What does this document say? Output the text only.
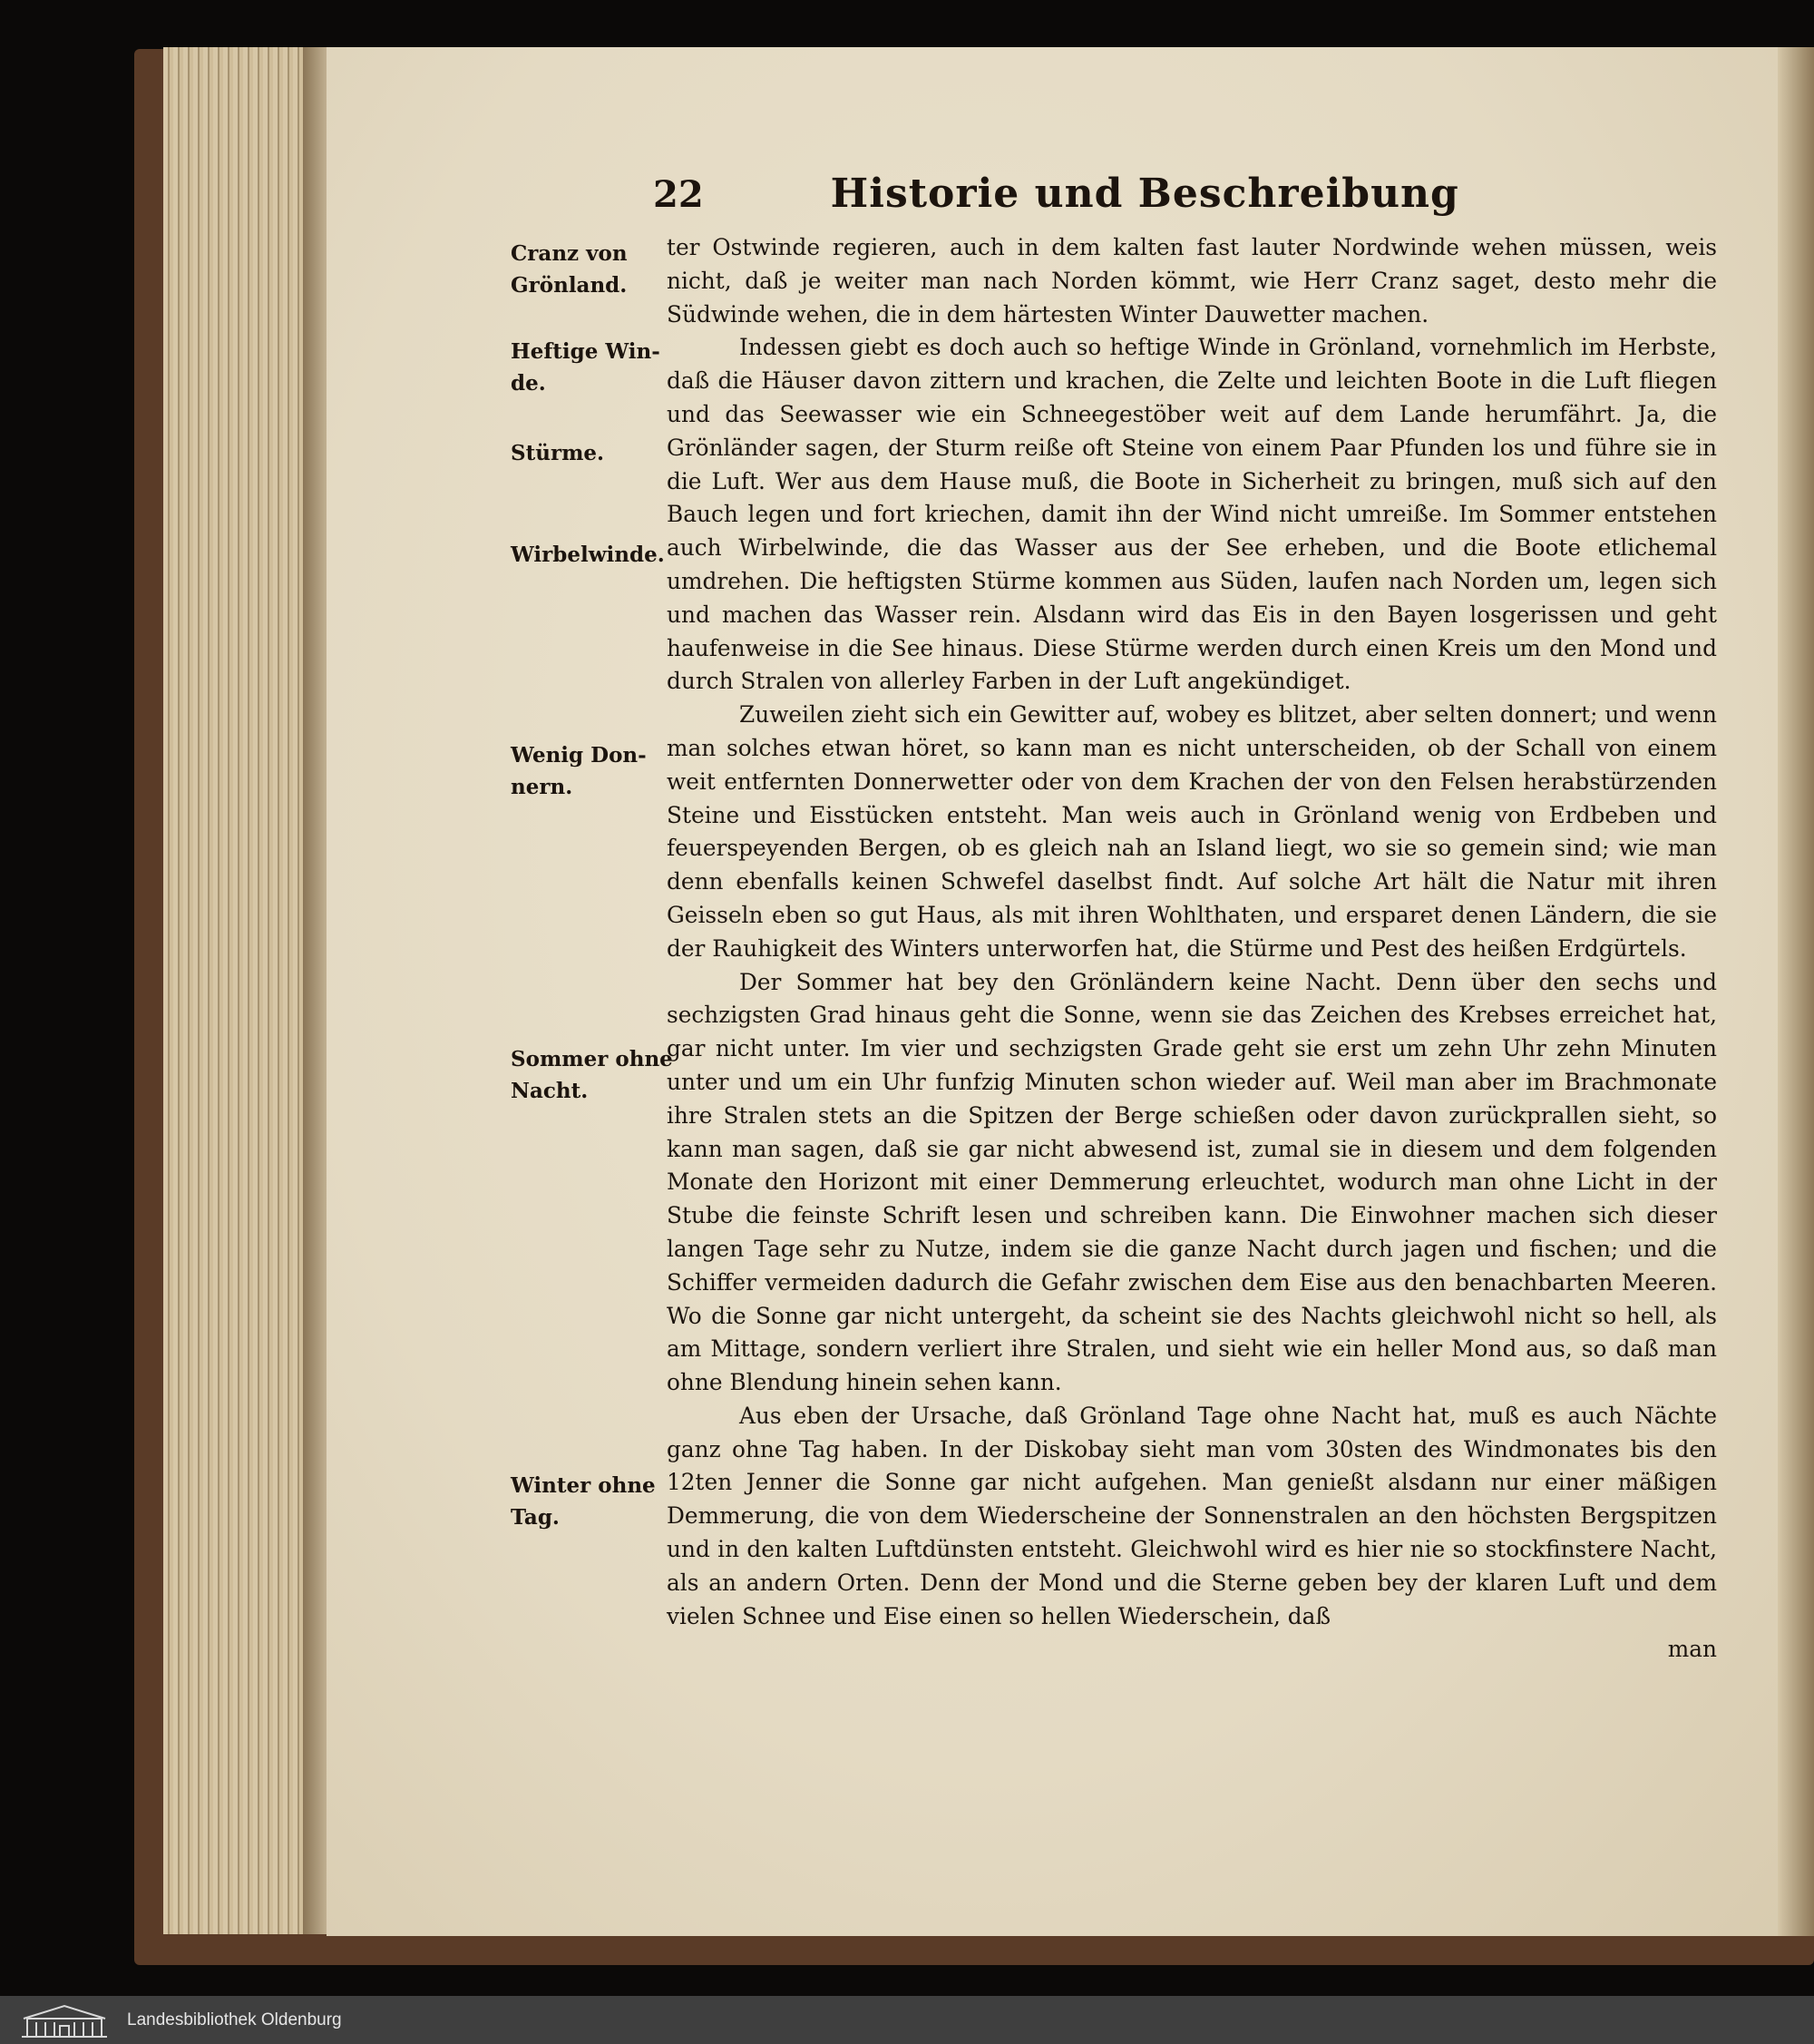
22	Historie und Beschreibung
Cranz von
Grönland.
Heftige Win-
de.
Stürme.
Wirbelwinde.
Wenig Don-
nern.
Sommer ohne
Nacht.
Winter ohne
Tag.

ter Ostwinde regieren, auch in dem kalten fast lauter Nordwinde wehen müssen, weis nicht, daß je weiter man nach Norden kömmt, wie Herr Cranz saget, desto mehr die Südwinde wehen, die in dem härtesten Winter Dauwetter machen.

Indessen giebt es doch auch so heftige Winde in Grönland, vornehmlich im Herbste, daß die Häuser davon zittern und krachen, die Zelte und leichten Boote in die Luft fliegen und das Seewasser wie ein Schneegestöber weit auf dem Lande herumfährt. Ja, die Grönländer sagen, der Sturm reiße oft Steine von einem Paar Pfunden los und führe sie in die Luft. Wer aus dem Hause muß, die Boote in Sicherheit zu bringen, muß sich auf den Bauch legen und fort kriechen, damit ihn der Wind nicht umreiße. Im Sommer entstehen auch Wirbelwinde, die das Wasser aus der See erheben, und die Boote etlichemal umdrehen. Die heftigsten Stürme kommen aus Süden, laufen nach Norden um, legen sich und machen das Wasser rein. Alsdann wird das Eis in den Bayen losgerissen und geht haufenweise in die See hinaus. Diese Stürme werden durch einen Kreis um den Mond und durch Stralen von allerley Farben in der Luft angekündiget.

Zuweilen zieht sich ein Gewitter auf, wobey es blitzet, aber selten donnert; und wenn man solches etwan höret, so kann man es nicht unterscheiden, ob der Schall von einem weit entfernten Donnerwetter oder von dem Krachen der von den Felsen herabstürzenden Steine und Eisstücken entsteht. Man weis auch in Grönland wenig von Erdbeben und feuerspeyenden Bergen, ob es gleich nah an Island liegt, wo sie so gemein sind; wie man denn ebenfalls keinen Schwefel daselbst findt. Auf solche Art hält die Natur mit ihren Geisseln eben so gut Haus, als mit ihren Wohlthaten, und ersparet denen Ländern, die sie der Rauhigkeit des Winters unterworfen hat, die Stürme und Pest des heißen Erdgürtels.

Der Sommer hat bey den Grönländern keine Nacht. Denn über den sechs und sechzigsten Grad hinaus geht die Sonne, wenn sie das Zeichen des Krebses erreichet hat, gar nicht unter. Im vier und sechzigsten Grade geht sie erst um zehn Uhr zehn Minuten unter und um ein Uhr funfzig Minuten schon wieder auf. Weil man aber im Brachmonate ihre Stralen stets an die Spitzen der Berge schießen oder davon zurückprallen sieht, so kann man sagen, daß sie gar nicht abwesend ist, zumal sie in diesem und dem folgenden Monate den Horizont mit einer Demmerung erleuchtet, wodurch man ohne Licht in der Stube die feinste Schrift lesen und schreiben kann. Die Einwohner machen sich dieser langen Tage sehr zu Nutze, indem sie die ganze Nacht durch jagen und fischen; und die Schiffer vermeiden dadurch die Gefahr zwischen dem Eise aus den benachbarten Meeren. Wo die Sonne gar nicht untergeht, da scheint sie des Nachts gleichwohl nicht so hell, als am Mittage, sondern verliert ihre Stralen, und sieht wie ein heller Mond aus, so daß man ohne Blendung hinein sehen kann.

Aus eben der Ursache, daß Grönland Tage ohne Nacht hat, muß es auch Nächte ganz ohne Tag haben. In der Diskobay sieht man vom 30sten des Windmonates bis den 12ten Jenner die Sonne gar nicht aufgehen. Man genießt alsdann nur einer mäßigen Demmerung, die von dem Wiederscheine der Sonnenstralen an den höchsten Bergspitzen und in den kalten Luftdünsten entsteht. Gleichwohl wird es hier nie so stockfinstere Nacht, als an andern Orten. Denn der Mond und die Sterne geben bey der klaren Luft und dem vielen Schnee und Eise einen so hellen Wiederschein, daß

man

Landesbibliothek Oldenburg
